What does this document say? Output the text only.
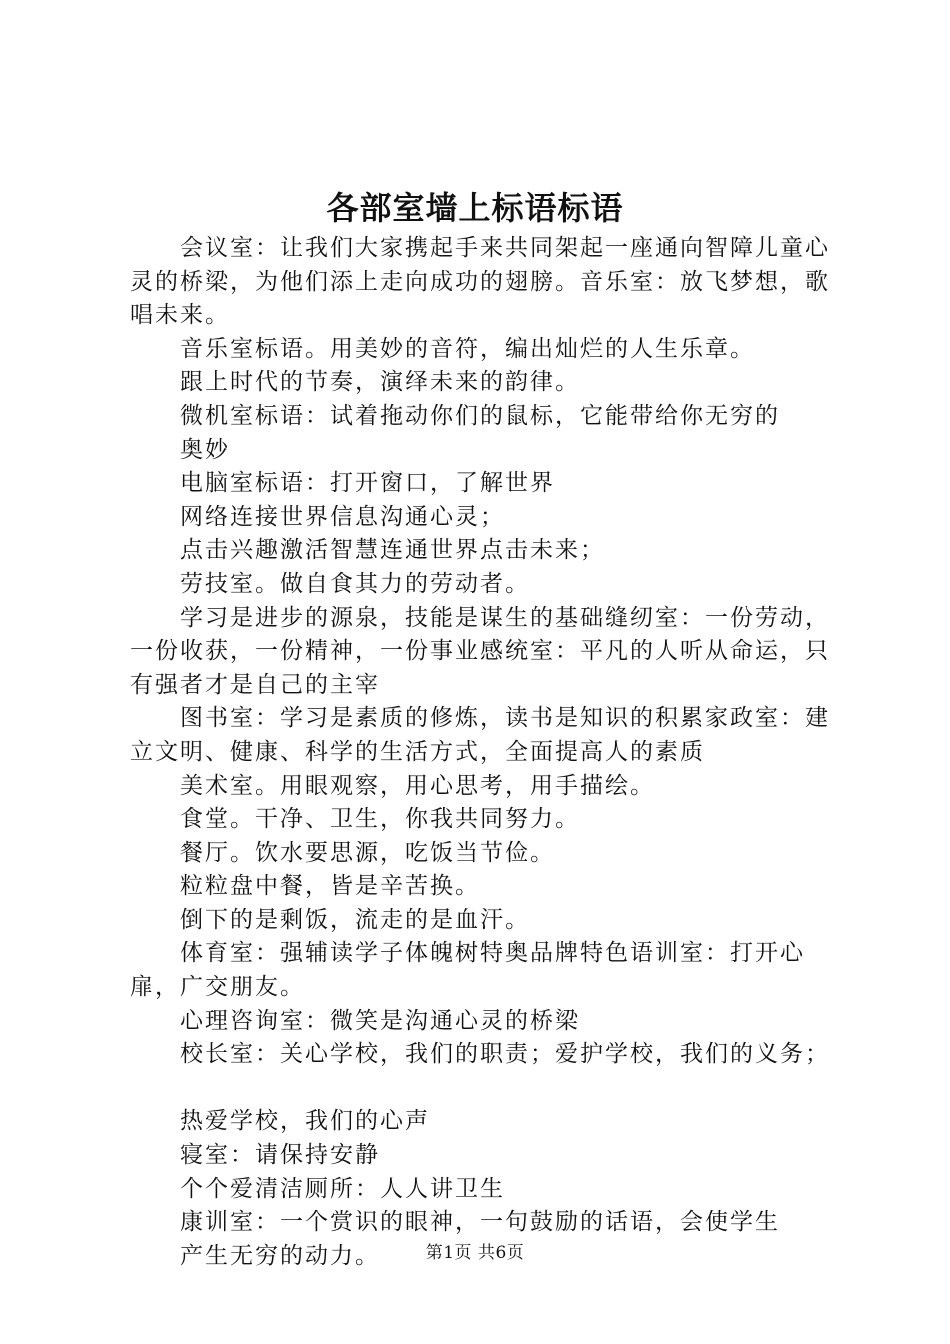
各部室墙上标语标语

会议室：让我们大家携起手来共同架起一座通向智障儿童心灵的桥梁，为他们添上走向成功的翅膀。音乐室：放飞梦想，歌唱未来。

音乐室标语。用美妙的音符，编出灿烂的人生乐章。

跟上时代的节奏，演绎未来的韵律。

微机室标语：试着拖动你们的鼠标，它能带给你无穷的

奥妙

电脑室标语：打开窗口，了解世界

网络连接世界信息沟通心灵；

点击兴趣激活智慧连通世界点击未来；

劳技室。做自食其力的劳动者。

学习是进步的源泉，技能是谋生的基础缝纫室：一份劳动，一份收获，一份精神，一份事业感统室：平凡的人听从命运，只有强者才是自己的主宰

图书室：学习是素质的修炼，读书是知识的积累家政室：建立文明、健康、科学的生活方式，全面提高人的素质

美术室。用眼观察，用心思考，用手描绘。

食堂。干净、卫生，你我共同努力。

餐厅。饮水要思源，吃饭当节俭。

粒粒盘中餐，皆是辛苦换。

倒下的是剩饭，流走的是血汗。

体育室：强辅读学子体魄树特奥品牌特色语训室：打开心扉，广交朋友。

心理咨询室：微笑是沟通心灵的桥梁

校长室：关心学校，我们的职责；爱护学校，我们的义务；

热爱学校，我们的心声

寝室：请保持安静

个个爱清洁厕所：人人讲卫生

康训室：一个赏识的眼神，一句鼓励的话语，会使学生

产生无穷的动力。	第1页 共6页
